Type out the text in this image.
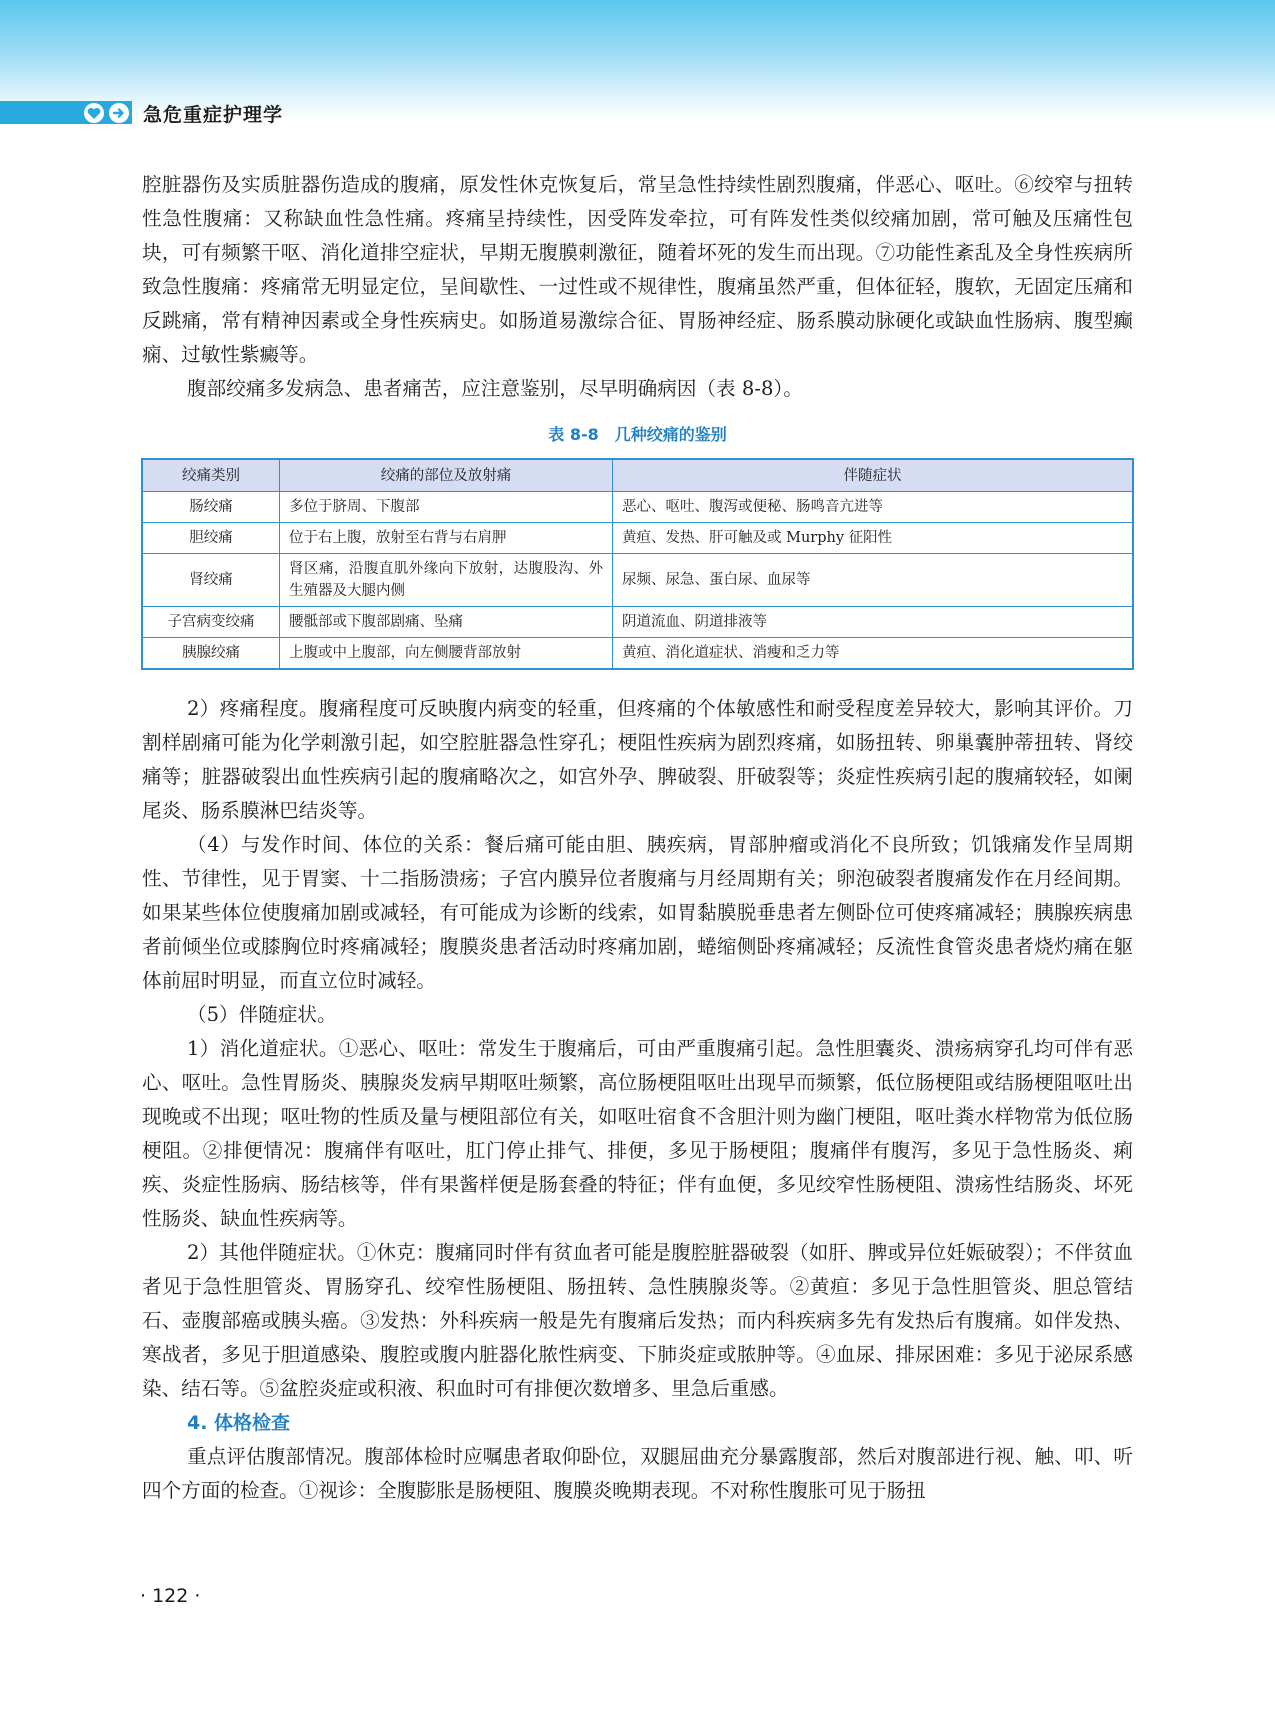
急危重症护理学

腔脏器伤及实质脏器伤造成的腹痛，原发性休克恢复后，常呈急性持续性剧烈腹痛，伴恶心、呕吐。⑥绞窄与扭转性急性腹痛：又称缺血性急性痛。疼痛呈持续性，因受阵发牵拉，可有阵发性类似绞痛加剧，常可触及压痛性包块，可有频繁干呕、消化道排空症状，早期无腹膜刺激征，随着坏死的发生而出现。⑦功能性紊乱及全身性疾病所致急性腹痛：疼痛常无明显定位，呈间歇性、一过性或不规律性，腹痛虽然严重，但体征轻，腹软，无固定压痛和反跳痛，常有精神因素或全身性疾病史。如肠道易激综合征、胃肠神经症、肠系膜动脉硬化或缺血性肠病、腹型癫痫、过敏性紫癜等。

腹部绞痛多发病急、患者痛苦，应注意鉴别，尽早明确病因（表 8-8）。

表 8-8　几种绞痛的鉴别
绞痛类别	绞痛的部位及放射痛	伴随症状
肠绞痛	多位于脐周、下腹部	恶心、呕吐、腹泻或便秘、肠鸣音亢进等
胆绞痛	位于右上腹，放射至右背与右肩胛	黄疸、发热、肝可触及或 Murphy 征阳性
肾绞痛	肾区痛，沿腹直肌外缘向下放射，达腹股沟、外生殖器及大腿内侧	尿频、尿急、蛋白尿、血尿等
子宫病变绞痛	腰骶部或下腹部剧痛、坠痛	阴道流血、阴道排液等
胰腺绞痛	上腹或中上腹部，向左侧腰背部放射	黄疸、消化道症状、消瘦和乏力等

2）疼痛程度。腹痛程度可反映腹内病变的轻重，但疼痛的个体敏感性和耐受程度差异较大，影响其评价。刀割样剧痛可能为化学刺激引起，如空腔脏器急性穿孔；梗阻性疾病为剧烈疼痛，如肠扭转、卵巢囊肿蒂扭转、肾绞痛等；脏器破裂出血性疾病引起的腹痛略次之，如宫外孕、脾破裂、肝破裂等；炎症性疾病引起的腹痛较轻，如阑尾炎、肠系膜淋巴结炎等。

（4）与发作时间、体位的关系：餐后痛可能由胆、胰疾病，胃部肿瘤或消化不良所致；饥饿痛发作呈周期性、节律性，见于胃窦、十二指肠溃疡；子宫内膜异位者腹痛与月经周期有关；卵泡破裂者腹痛发作在月经间期。如果某些体位使腹痛加剧或减轻，有可能成为诊断的线索，如胃黏膜脱垂患者左侧卧位可使疼痛减轻；胰腺疾病患者前倾坐位或膝胸位时疼痛减轻；腹膜炎患者活动时疼痛加剧，蜷缩侧卧疼痛减轻；反流性食管炎患者烧灼痛在躯体前屈时明显，而直立位时减轻。

（5）伴随症状。

1）消化道症状。①恶心、呕吐：常发生于腹痛后，可由严重腹痛引起。急性胆囊炎、溃疡病穿孔均可伴有恶心、呕吐。急性胃肠炎、胰腺炎发病早期呕吐频繁，高位肠梗阻呕吐出现早而频繁，低位肠梗阻或结肠梗阻呕吐出现晚或不出现；呕吐物的性质及量与梗阻部位有关，如呕吐宿食不含胆汁则为幽门梗阻，呕吐粪水样物常为低位肠梗阻。②排便情况：腹痛伴有呕吐，肛门停止排气、排便，多见于肠梗阻；腹痛伴有腹泻，多见于急性肠炎、痢疾、炎症性肠病、肠结核等，伴有果酱样便是肠套叠的特征；伴有血便，多见绞窄性肠梗阻、溃疡性结肠炎、坏死性肠炎、缺血性疾病等。

2）其他伴随症状。①休克：腹痛同时伴有贫血者可能是腹腔脏器破裂（如肝、脾或异位妊娠破裂）；不伴贫血者见于急性胆管炎、胃肠穿孔、绞窄性肠梗阻、肠扭转、急性胰腺炎等。②黄疸：多见于急性胆管炎、胆总管结石、壶腹部癌或胰头癌。③发热：外科疾病一般是先有腹痛后发热；而内科疾病多先有发热后有腹痛。如伴发热、寒战者，多见于胆道感染、腹腔或腹内脏器化脓性病变、下肺炎症或脓肿等。④血尿、排尿困难：多见于泌尿系感染、结石等。⑤盆腔炎症或积液、积血时可有排便次数增多、里急后重感。

4. 体格检查

重点评估腹部情况。腹部体检时应嘱患者取仰卧位，双腿屈曲充分暴露腹部，然后对腹部进行视、触、叩、听四个方面的检查。①视诊：全腹膨胀是肠梗阻、腹膜炎晚期表现。不对称性腹胀可见于肠扭

· 122 ·
